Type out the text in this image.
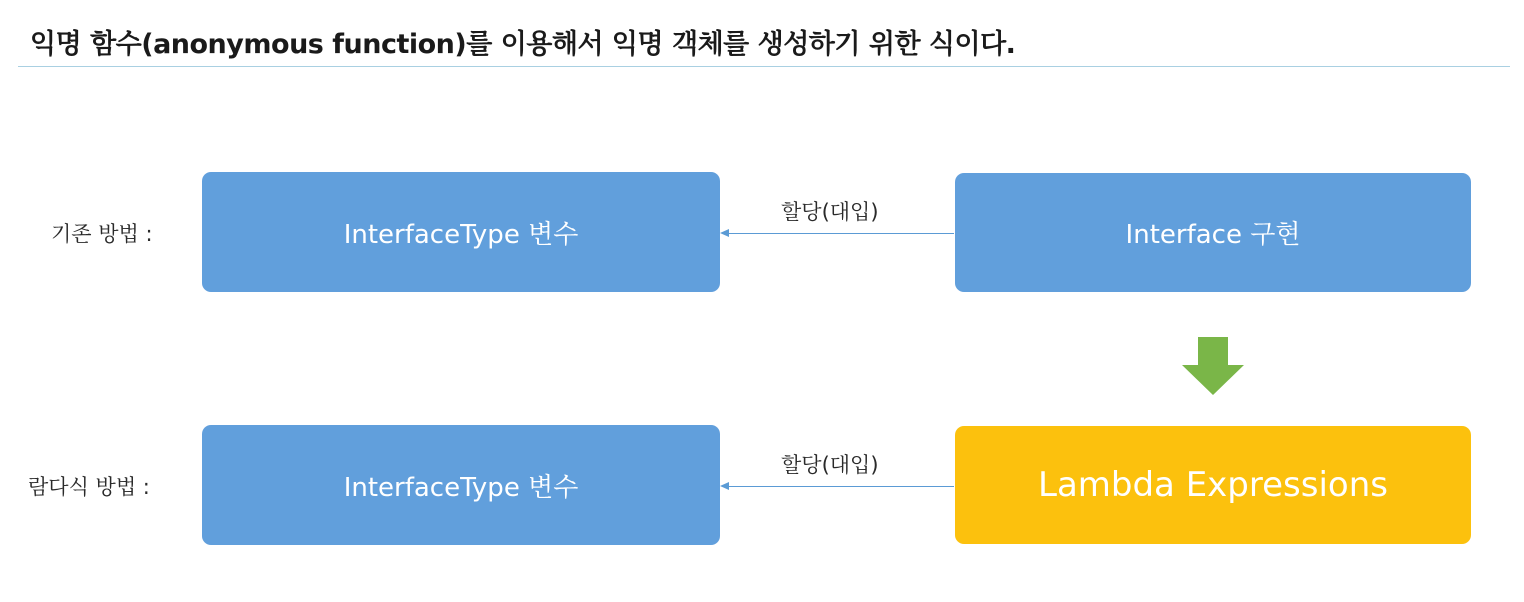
익명 함수(anonymous function)를 이용해서 익명 객체를 생성하기 위한 식이다.
기존 방법 :	InterfaceType 변수
할당(대입)
Interface 구현
람다식 방법 :	InterfaceType 변수
할당(대입)	Lambda Expressions
